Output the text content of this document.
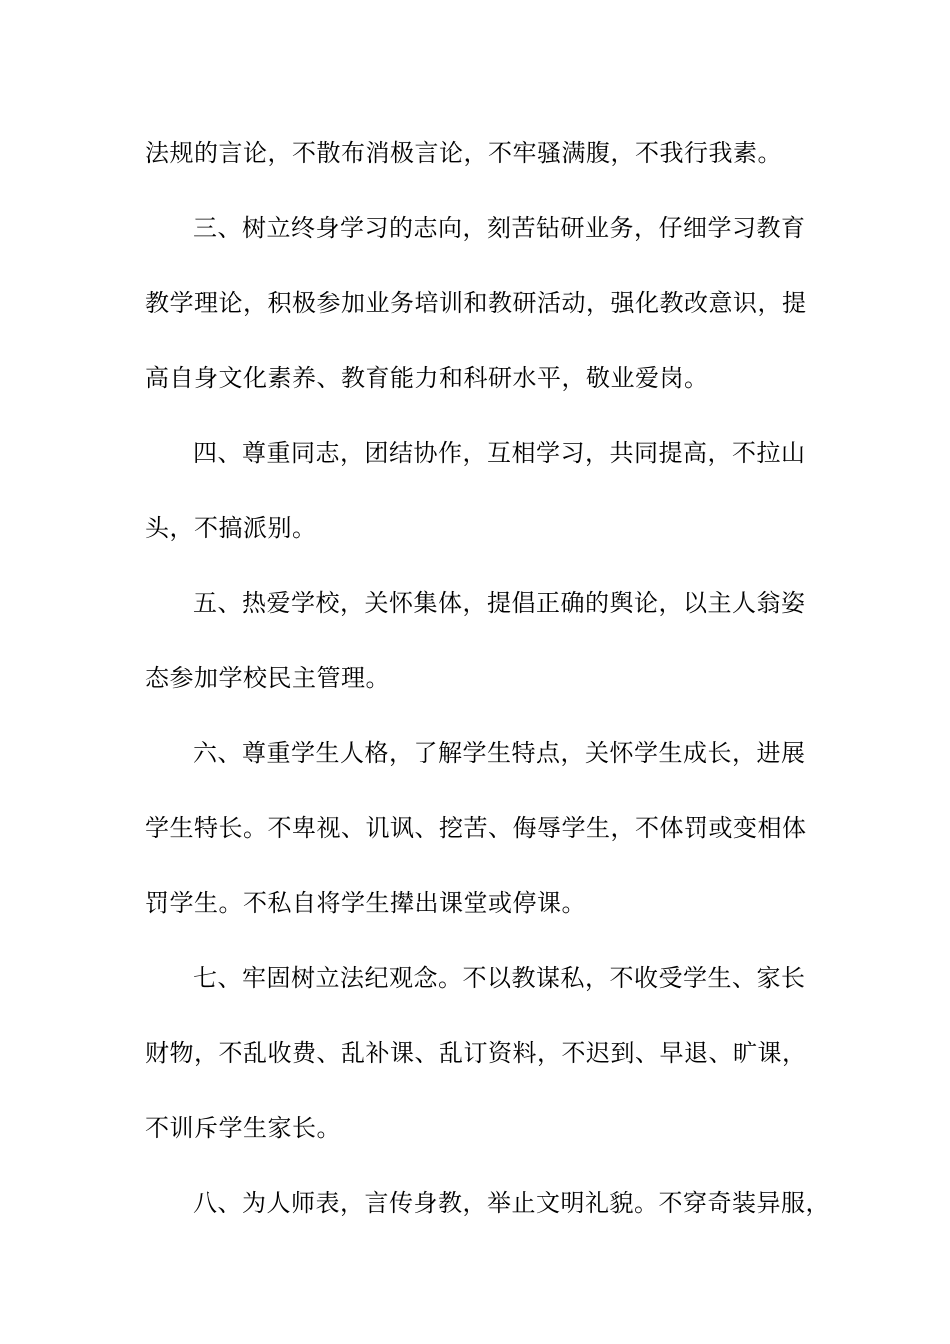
法规的言论，不散布消极言论，不牢骚满腹，不我行我素。
三、树立终身学习的志向，刻苦钻研业务，仔细学习教育
教学理论，积极参加业务培训和教研活动，强化教改意识，提
高自身文化素养、教育能力和科研水平，敬业爱岗。
四、尊重同志，团结协作，互相学习，共同提高，不拉山
头，不搞派别。
五、热爱学校，关怀集体，提倡正确的舆论，以主人翁姿
态参加学校民主管理。
六、尊重学生人格，了解学生特点，关怀学生成长，进展
学生特长。不卑视、讥讽、挖苦、侮辱学生，不体罚或变相体
罚学生。不私自将学生撵出课堂或停课。
七、牢固树立法纪观念。不以教谋私，不收受学生、家长
财物，不乱收费、乱补课、乱订资料，不迟到、早退、旷课，
不训斥学生家长。
八、为人师表，言传身教，举止文明礼貌。不穿奇装异服，
